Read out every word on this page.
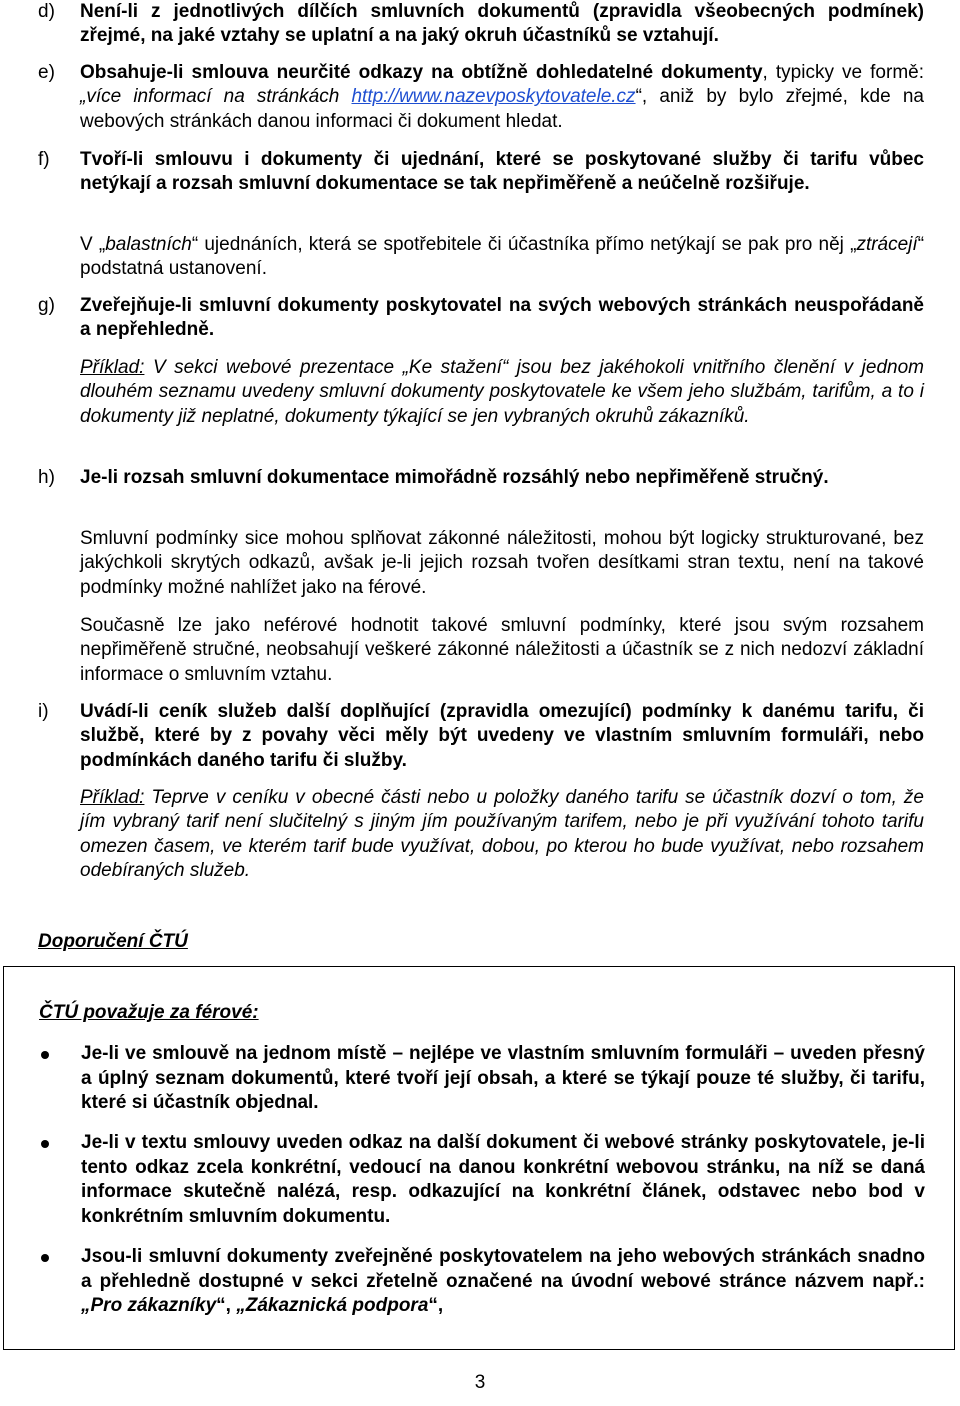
d) Není-li z jednotlivých dílčích smluvních dokumentů (zpravidla všeobecných podmínek) zřejmé, na jaké vztahy se uplatní a na jaký okruh účastníků se vztahují.
e) Obsahuje-li smlouva neurčité odkazy na obtížně dohledatelné dokumenty, typicky ve formě: „více informací na stránkách http://www.nazevposkytovatele.cz“, aniž by bylo zřejmé, kde na webových stránkách danou informaci či dokument hledat.
f) Tvoří-li smlouvu i dokumenty či ujednání, které se poskytované služby či tarifu vůbec netýkají a rozsah smluvní dokumentace se tak nepřiměřeně a neúčelně rozšiřuje.
V „balastních“ ujednáních, která se spotřebitele či účastníka přímo netýkají se pak pro něj „ztrácejí“ podstatná ustanovení.
g) Zveřejňuje-li smluvní dokumenty poskytovatel na svých webových stránkách neuspořádaně a nepřehledně.
Příklad: V sekci webové prezentace „Ke stažení“ jsou bez jakéhokoli vnitřního členění v jednom dlouhém seznamu uvedeny smluvní dokumenty poskytovatele ke všem jeho službám, tarifům, a to i dokumenty již neplatné, dokumenty týkající se jen vybraných okruhů zákazníků.
h) Je-li rozsah smluvní dokumentace mimořádně rozsáhlý nebo nepřiměřeně stručný.
Smluvní podmínky sice mohou splňovat zákonné náležitosti, mohou být logicky strukturované, bez jakýchkoli skrytých odkazů, avšak je-li jejich rozsah tvořen desítkami stran textu, není na takové podmínky možné nahlížet jako na férové.
Současně lze jako neférové hodnotit takové smluvní podmínky, které jsou svým rozsahem nepřiměřeně stručné, neobsahují veškeré zákonné náležitosti a účastník se z nich nedozví základní informace o smluvním vztahu.
i) Uvádí-li ceník služeb další doplňující (zpravidla omezující) podmínky k danému tarifu, či službě, které by z povahy věci měly být uvedeny ve vlastním smluvním formuláři, nebo podmínkách daného tarifu či služby.
Příklad: Teprve v ceníku v obecné části nebo u položky daného tarifu se účastník dozví o tom, že jím vybraný tarif není slučitelný s jiným jím používaným tarifem, nebo je při využívání tohoto tarifu omezen časem, ve kterém tarif bude využívat, dobou, po kterou ho bude využívat, nebo rozsahem odebíraných služeb.
Doporučení ČTÚ
ČTÚ považuje za férové:
Je-li ve smlouvě na jednom místě – nejlépe ve vlastním smluvním formuláři – uveden přesný a úplný seznam dokumentů, které tvoří její obsah, a které se týkají pouze té služby, či tarifu, které si účastník objednal.
Je-li v textu smlouvy uveden odkaz na další dokument či webové stránky poskytovatele, je-li tento odkaz zcela konkrétní, vedoucí na danou konkrétní webovou stránku, na níž se daná informace skutečně nalézá, resp. odkazující na konkrétní článek, odstavec nebo bod v konkrétním smluvním dokumentu.
Jsou-li smluvní dokumenty zveřejněné poskytovatelem na jeho webových stránkách snadno a přehledně dostupné v sekci zřetelně označené na úvodní webové stránce názvem např.: „Pro zákazníky“, „Zákaznická podpora“,
3
